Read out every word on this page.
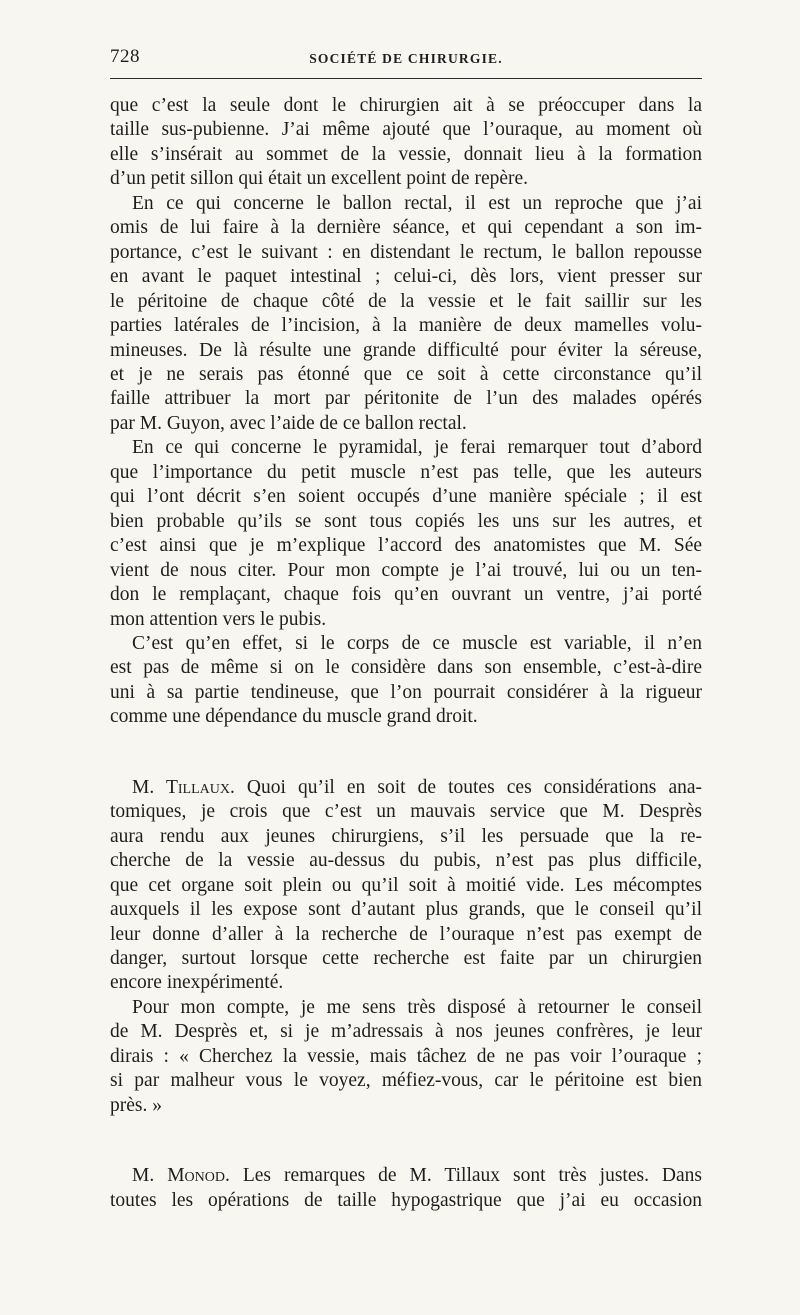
728	SOCIÉTÉ DE CHIRURGIE.

que c’est la seule dont le chirurgien ait à se préoccuper dans la
taille sus-pubienne. J’ai même ajouté que l’ouraque, au moment où
elle s’insérait au sommet de la vessie, donnait lieu à la formation
d’un petit sillon qui était un excellent point de repère.

En ce qui concerne le ballon rectal, il est un reproche que j’ai
omis de lui faire à la dernière séance, et qui cependant a son im-
portance, c’est le suivant : en distendant le rectum, le ballon repousse
en avant le paquet intestinal ; celui-ci, dès lors, vient presser sur
le péritoine de chaque côté de la vessie et le fait saillir sur les
parties latérales de l’incision, à la manière de deux mamelles volu-
mineuses. De là résulte une grande difficulté pour éviter la séreuse,
et je ne serais pas étonné que ce soit à cette circonstance qu’il
faille attribuer la mort par péritonite de l’un des malades opérés
par M. Guyon, avec l’aide de ce ballon rectal.

En ce qui concerne le pyramidal, je ferai remarquer tout d’abord
que l’importance du petit muscle n’est pas telle, que les auteurs
qui l’ont décrit s’en soient occupés d’une manière spéciale ; il est
bien probable qu’ils se sont tous copiés les uns sur les autres, et
c’est ainsi que je m’explique l’accord des anatomistes que M. Sée
vient de nous citer. Pour mon compte je l’ai trouvé, lui ou un ten-
don le remplaçant, chaque fois qu’en ouvrant un ventre, j’ai porté
mon attention vers le pubis.

C’est qu’en effet, si le corps de ce muscle est variable, il n’en
est pas de même si on le considère dans son ensemble, c’est-à-dire
uni à sa partie tendineuse, que l’on pourrait considérer à la rigueur
comme une dépendance du muscle grand droit.

M. Tillaux. Quoi qu’il en soit de toutes ces considérations ana-
tomiques, je crois que c’est un mauvais service que M. Desprès
aura rendu aux jeunes chirurgiens, s’il les persuade que la re-
cherche de la vessie au-dessus du pubis, n’est pas plus difficile,
que cet organe soit plein ou qu’il soit à moitié vide. Les mécomptes
auxquels il les expose sont d’autant plus grands, que le conseil qu’il
leur donne d’aller à la recherche de l’ouraque n’est pas exempt de
danger, surtout lorsque cette recherche est faite par un chirurgien
encore inexpérimenté.

Pour mon compte, je me sens très disposé à retourner le conseil
de M. Desprès et, si je m’adressais à nos jeunes confrères, je leur
dirais : « Cherchez la vessie, mais tâchez de ne pas voir l’ouraque ;
si par malheur vous le voyez, méfiez-vous, car le péritoine est bien
près. »

M. Monod. Les remarques de M. Tillaux sont très justes. Dans
toutes les opérations de taille hypogastrique que j’ai eu occasion
